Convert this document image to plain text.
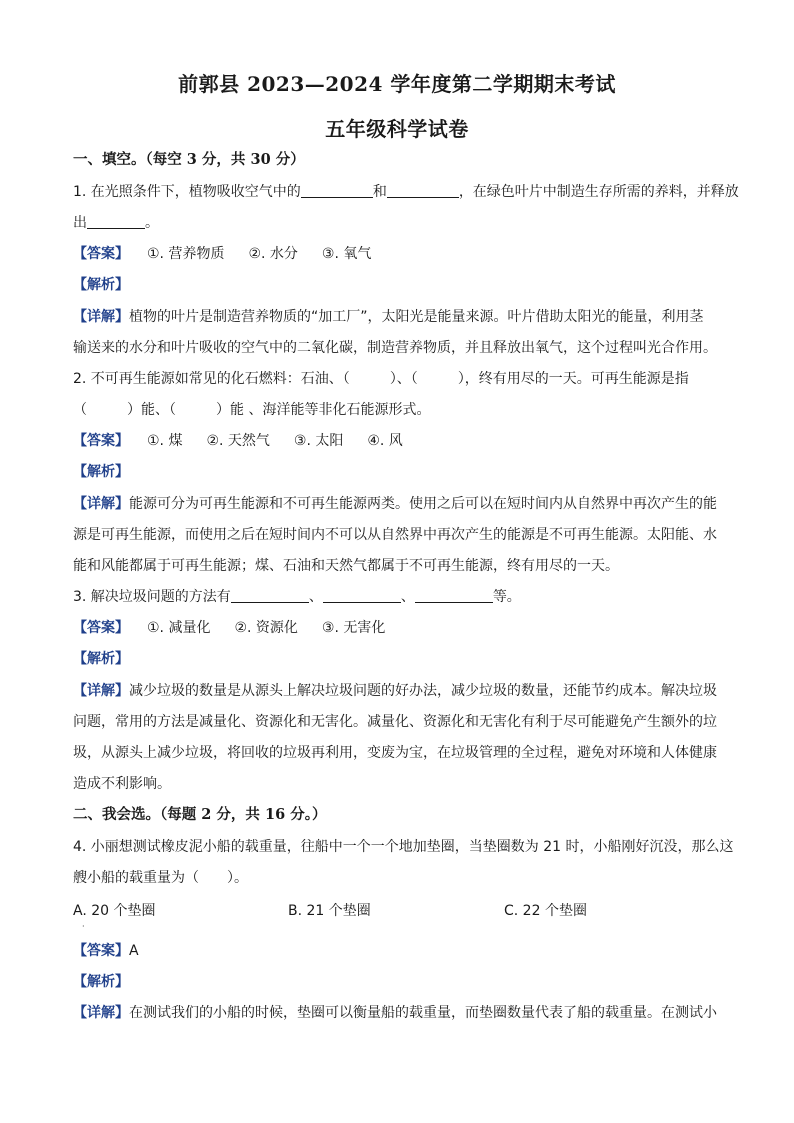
前郭县 2023—2024 学年度第二学期期末考试
五年级科学试卷
一、填空。（每空 3 分，共 30 分）
1. 在光照条件下，植物吸收空气中的	和	，在绿色叶片中制造生存所需的养料，并释放
出	。
【答案】 ①. 营养物质 ②. 水分 ③. 氧气
【解析】
【详解】植物的叶片是制造营养物质的“加工厂”，太阳光是能量来源。叶片借助太阳光的能量，利用茎
输送来的水分和叶片吸收的空气中的二氧化碳，制造营养物质，并且释放出氧气，这个过程叫光合作用。
2. 不可再生能源如常见的化石燃料：石油、（	）、（	），终有用尽的一天。可再生能源是指
（	）能、（	）能 、海洋能等非化石能源形式。
【答案】 ①. 煤 ②. 天然气 ③. 太阳 ④. 风
【解析】
【详解】能源可分为可再生能源和不可再生能源两类。使用之后可以在短时间内从自然界中再次产生的能
源是可再生能源，而使用之后在短时间内不可以从自然界中再次产生的能源是不可再生能源。太阳能、水
能和风能都属于可再生能源；煤、石油和天然气都属于不可再生能源，终有用尽的一天。
3. 解决垃圾问题的方法有	、	、	等。
【答案】 ①. 减量化 ②. 资源化 ③. 无害化
【解析】
【详解】减少垃圾的数量是从源头上解决垃圾问题的好办法，减少垃圾的数量，还能节约成本。解决垃圾
问题，常用的方法是减量化、资源化和无害化。减量化、资源化和无害化有利于尽可能避免产生额外的垃
圾，从源头上减少垃圾，将回收的垃圾再利用，变废为宝，在垃圾管理的全过程，避免对环境和人体健康
造成不利影响。
二、我会选。（每题 2 分，共 16 分。）
4. 小丽想测试橡皮泥小船的载重量，往船中一个一个地加垫圈，当垫圈数为 21 时，小船刚好沉没，那么这
艘小船的载重量为（　　）。
A. 20 个垫圈	B. 21 个垫圈	C. 22 个垫圈
·
【答案】A
【解析】
【详解】在测试我们的小船的时候，垫圈可以衡量船的载重量，而垫圈数量代表了船的载重量。在测试小
